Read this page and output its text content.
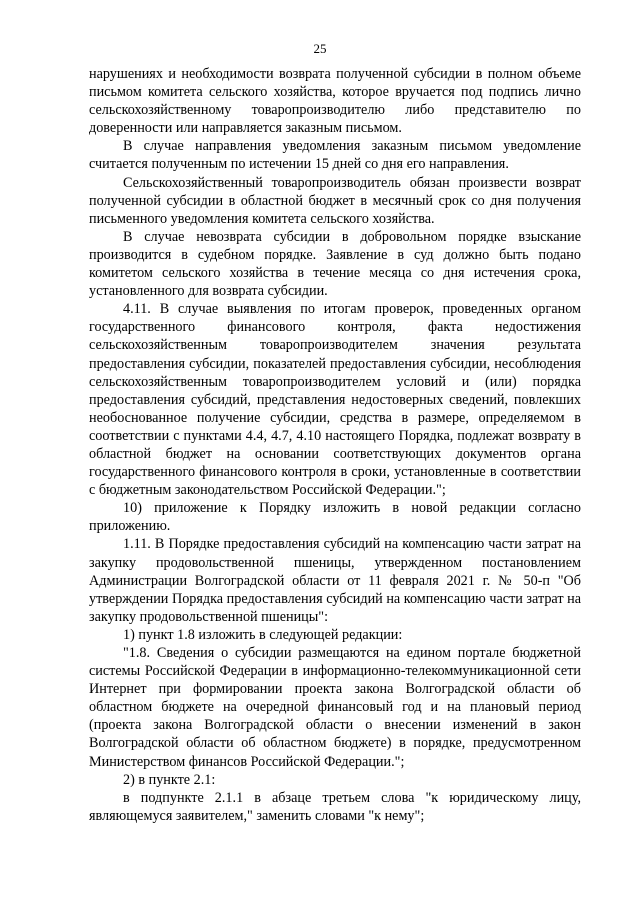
25

нарушениях и необходимости возврата полученной субсидии в полном объеме письмом комитета сельского хозяйства, которое вручается под подпись лично сельскохозяйственному товаропроизводителю либо представителю по доверенности или направляется заказным письмом.

В случае направления уведомления заказным письмом уведомление считается полученным по истечении 15 дней со дня его направления.

Сельскохозяйственный товаропроизводитель обязан произвести возврат полученной субсидии в областной бюджет в месячный срок со дня получения письменного уведомления комитета сельского хозяйства.

В случае невозврата субсидии в добровольном порядке взыскание производится в судебном порядке. Заявление в суд должно быть подано комитетом сельского хозяйства в течение месяца со дня истечения срока, установленного для возврата субсидии.

4.11. В случае выявления по итогам проверок, проведенных органом государственного финансового контроля, факта недостижения сельскохозяйственным товаропроизводителем значения результата предоставления субсидии, показателей предоставления субсидии, несоблюдения сельскохозяйственным товаропроизводителем условий и (или) порядка предоставления субсидий, представления недостоверных сведений, повлекших необоснованное получение субсидии, средства в размере, определяемом в соответствии с пунктами 4.4, 4.7, 4.10 настоящего Порядка, подлежат возврату в областной бюджет на основании соответствующих документов органа государственного финансового контроля в сроки, установленные в соответствии с бюджетным законодательством Российской Федерации.";

10) приложение к Порядку изложить в новой редакции согласно приложению.

1.11. В Порядке предоставления субсидий на компенсацию части затрат на закупку продовольственной пшеницы, утвержденном постановлением Администрации Волгоградской области от 11 февраля 2021 г. № 50-п "Об утверждении Порядка предоставления субсидий на компенсацию части затрат на закупку продовольственной пшеницы":

1) пункт 1.8 изложить в следующей редакции:

"1.8. Сведения о субсидии размещаются на едином портале бюджетной системы Российской Федерации в информационно-телекоммуникационной сети Интернет при формировании проекта закона Волгоградской области об областном бюджете на очередной финансовый год и на плановый период (проекта закона Волгоградской области о внесении изменений в закон Волгоградской области об областном бюджете) в порядке, предусмотренном Министерством финансов Российской Федерации.";

2) в пункте 2.1:

в подпункте 2.1.1 в абзаце третьем слова "к юридическому лицу, являющемуся заявителем," заменить словами "к нему";
